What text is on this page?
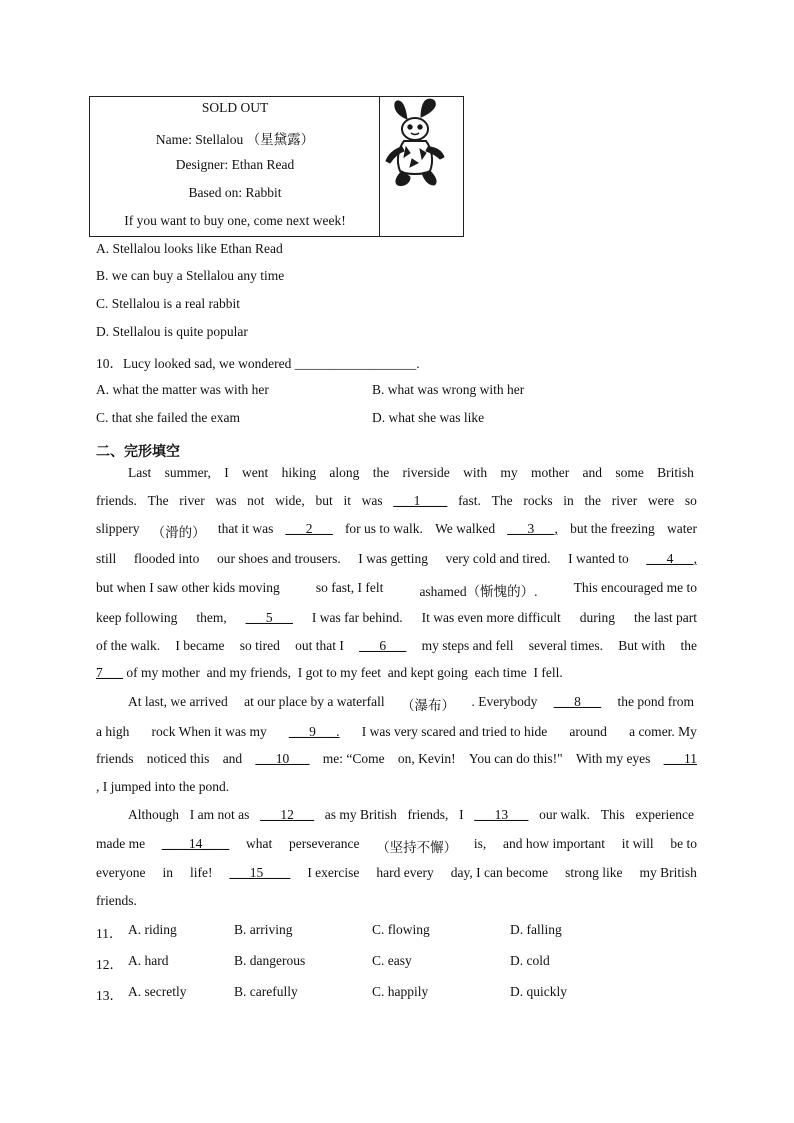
SOLD OUT
Name: Stellalou （星黛露）
Designer: Ethan Read
Based on: Rabbit
If you want to buy one, come next week!
A. Stellalou looks like Ethan Read
B. we can buy a Stellalou any time
C. Stellalou is a real rabbit
D. Stellalou is quite popular
10．Lucy looked sad, we wondered __________________.
A. what the matter was with her	B. what was wrong with her
C. that she failed the exam	D. what she was like
二、完形填空
Last summer, I went hiking along the riverside with my mother and some British
friends. The river was not wide, but it was ___1____ fast. The rocks in the river were so
slippery （滑的） that it was ___2___ for us to walk. We walked ___3___, but the freezing water
still flooded into our shoes and trousers. I was getting very cold and tired. I wanted to ___4___,
but when I saw other kids moving	so fast, I felt	ashamed（惭愧的）.	This encouraged me to
keep following them, ___5___ I was far behind. It was even more difficult during the last part
of the walk. I became so tired out that I ___6___ my steps and fell several times. But with the
7___ of my mother  and my friends,  I got to my feet  and kept going  each time  I fell.
At last, we arrived at our place by a waterfall （瀑布） . Everybody ___8___ the pond from
a high rock When it was my ___9___. I was very scared and tried to hide around a comer. My
friends noticed this and ___10___ me: “Come on, Kevin! You can do this!" With my eyes ___11
, I jumped into the pond.
Although I am not as ___12___ as my British friends, I ___13___ our walk. This experience
made me ____14____ what perseverance （坚持不懈） is, and how important it will be to
everyone in life! ___15____ I exercise hard every day, I can become strong like my British
friends.
11． A. riding	B. arriving	C. flowing	D. falling
12． A. hard	B. dangerous	C. easy	D. cold
13． A. secretly	B. carefully	C. happily	D. quickly
